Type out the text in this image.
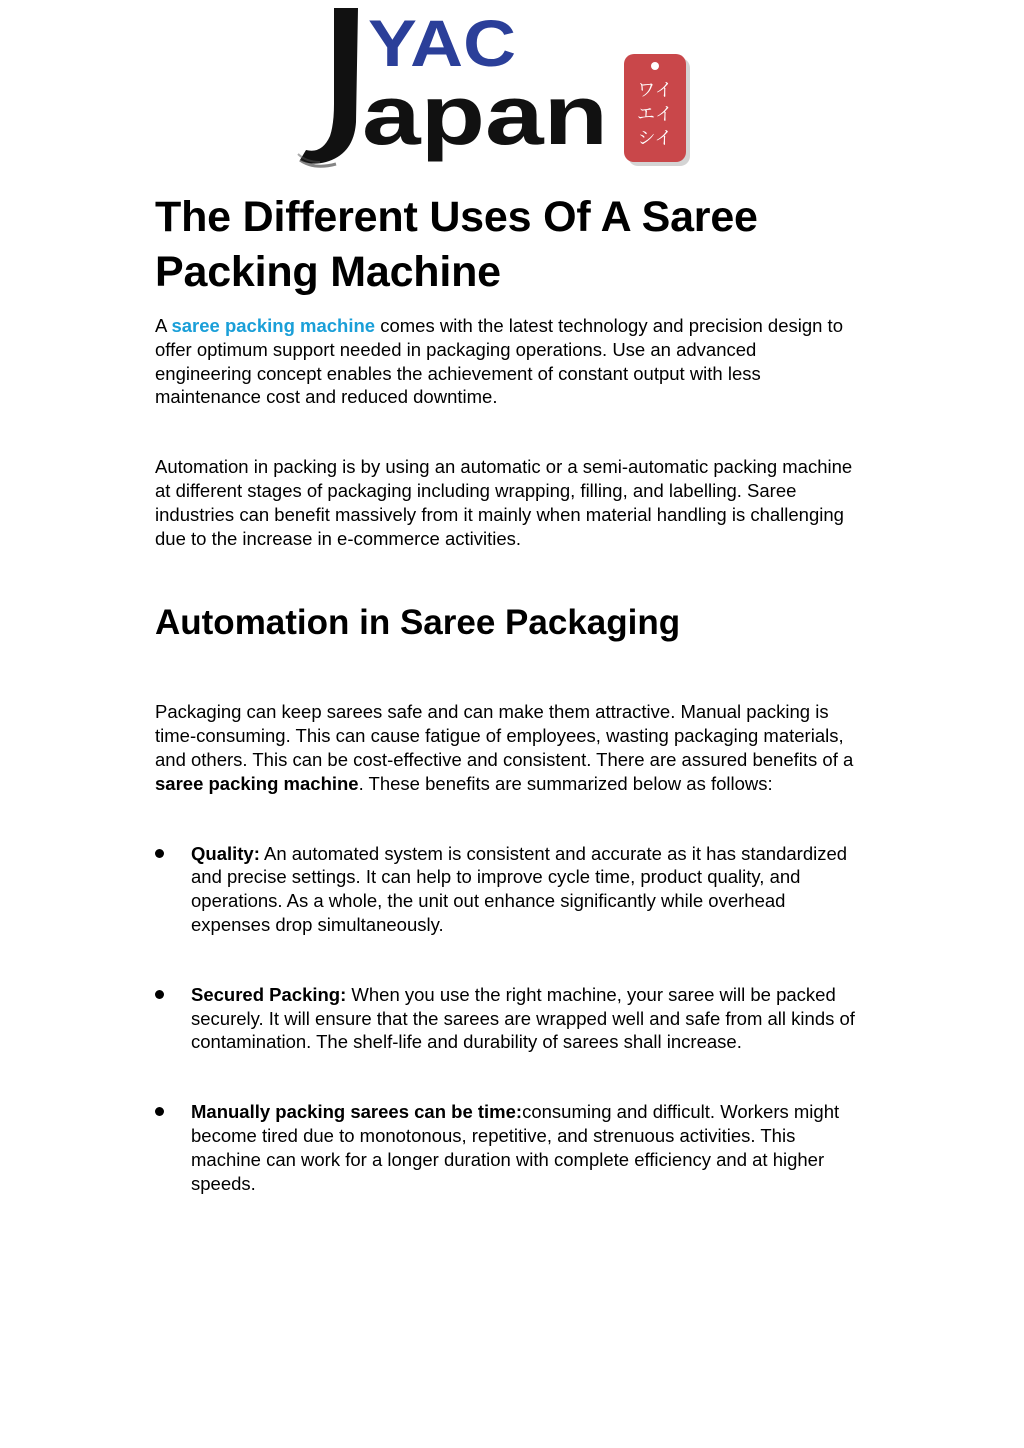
YAC
apan ワイ
エイ
シイ
The Different Uses Of A Saree Packing Machine

A saree packing machine comes with the latest technology and precision design to offer optimum support needed in packaging operations. Use an advanced engineering concept enables the achievement of constant output with less maintenance cost and reduced downtime.

Automation in packing is by using an automatic or a semi-automatic packing machine at different stages of packaging including wrapping, filling, and labelling. Saree industries can benefit massively from it mainly when material handling is challenging due to the increase in e-commerce activities.

Automation in Saree Packaging

Packaging can keep sarees safe and can make them attractive. Manual packing is time-consuming. This can cause fatigue of employees, wasting packaging materials, and others. This can be cost-effective and consistent. There are assured benefits of a saree packing machine. These benefits are summarized below as follows:

Quality: An automated system is consistent and accurate as it has standardized and precise settings. It can help to improve cycle time, product quality, and operations. As a whole, the unit out enhance significantly while overhead expenses drop simultaneously.
Secured Packing: When you use the right machine, your saree will be packed securely. It will ensure that the sarees are wrapped well and safe from all kinds of contamination. The shelf-life and durability of sarees shall increase.
Manually packing sarees can be time:consuming and difficult. Workers might become tired due to monotonous, repetitive, and strenuous activities. This machine can work for a longer duration with complete efficiency and at higher speeds.
